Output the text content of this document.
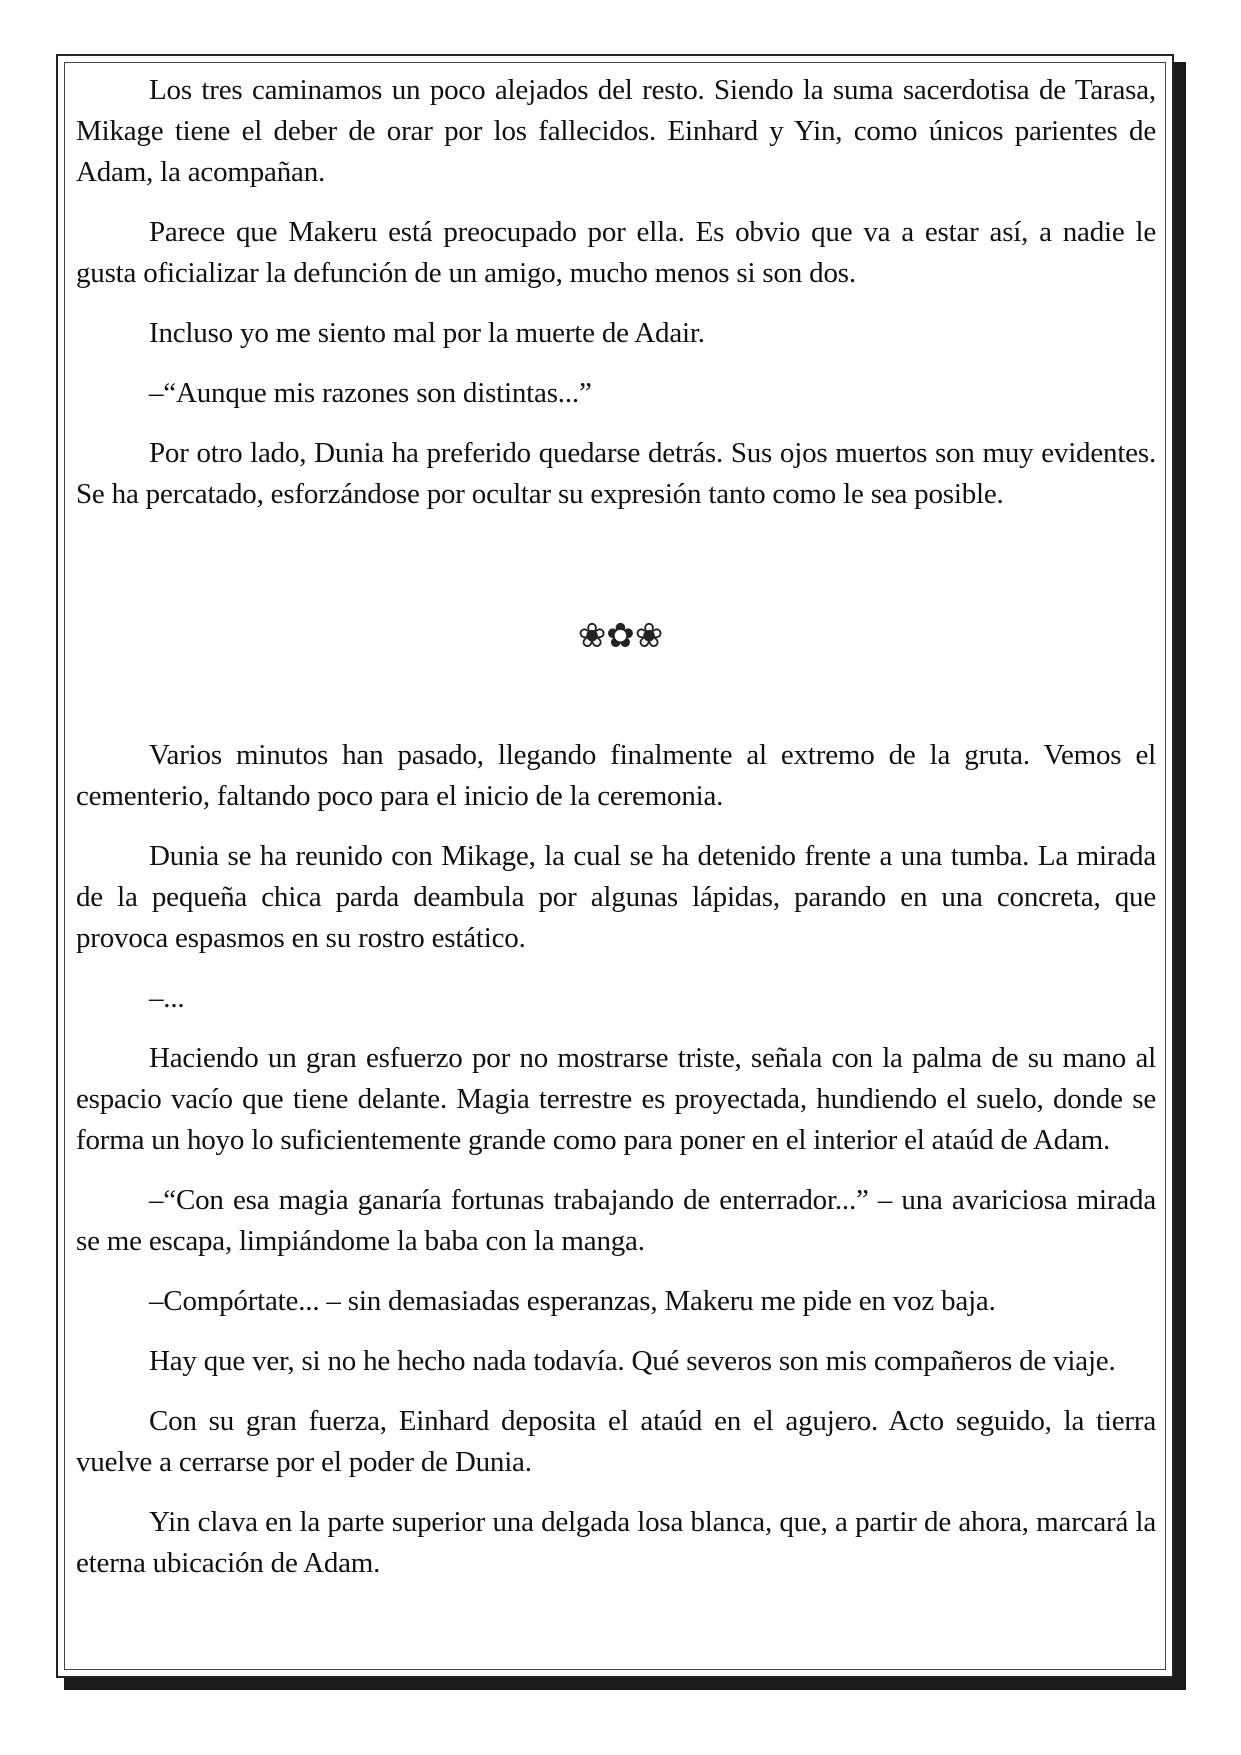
Los tres caminamos un poco alejados del resto. Siendo la suma sacerdotisa de Tarasa, Mikage tiene el deber de orar por los fallecidos. Einhard y Yin, como únicos parientes de Adam, la acompañan.

Parece que Makeru está preocupado por ella. Es obvio que va a estar así, a nadie le gusta oficializar la defunción de un amigo, mucho menos si son dos.

Incluso yo me siento mal por la muerte de Adair.

–“Aunque mis razones son distintas...”

Por otro lado, Dunia ha preferido quedarse detrás. Sus ojos muertos son muy evidentes. Se ha percatado, esforzándose por ocultar su expresión tanto como le sea posible.

❀✿❀

Varios minutos han pasado, llegando finalmente al extremo de la gruta. Vemos el cementerio, faltando poco para el inicio de la ceremonia.

Dunia se ha reunido con Mikage, la cual se ha detenido frente a una tumba. La mirada de la pequeña chica parda deambula por algunas lápidas, parando en una concreta, que provoca espasmos en su rostro estático.

–...

Haciendo un gran esfuerzo por no mostrarse triste, señala con la palma de su mano al espacio vacío que tiene delante. Magia terrestre es proyectada, hundiendo el suelo, donde se forma un hoyo lo suficientemente grande como para poner en el interior el ataúd de Adam.

–“Con esa magia ganaría fortunas trabajando de enterrador...” – una avariciosa mirada se me escapa, limpiándome la baba con la manga.

–Compórtate... – sin demasiadas esperanzas, Makeru me pide en voz baja.

Hay que ver, si no he hecho nada todavía. Qué severos son mis compañeros de viaje.

Con su gran fuerza, Einhard deposita el ataúd en el agujero. Acto seguido, la tierra vuelve a cerrarse por el poder de Dunia.

Yin clava en la parte superior una delgada losa blanca, que, a partir de ahora, marcará la eterna ubicación de Adam.
